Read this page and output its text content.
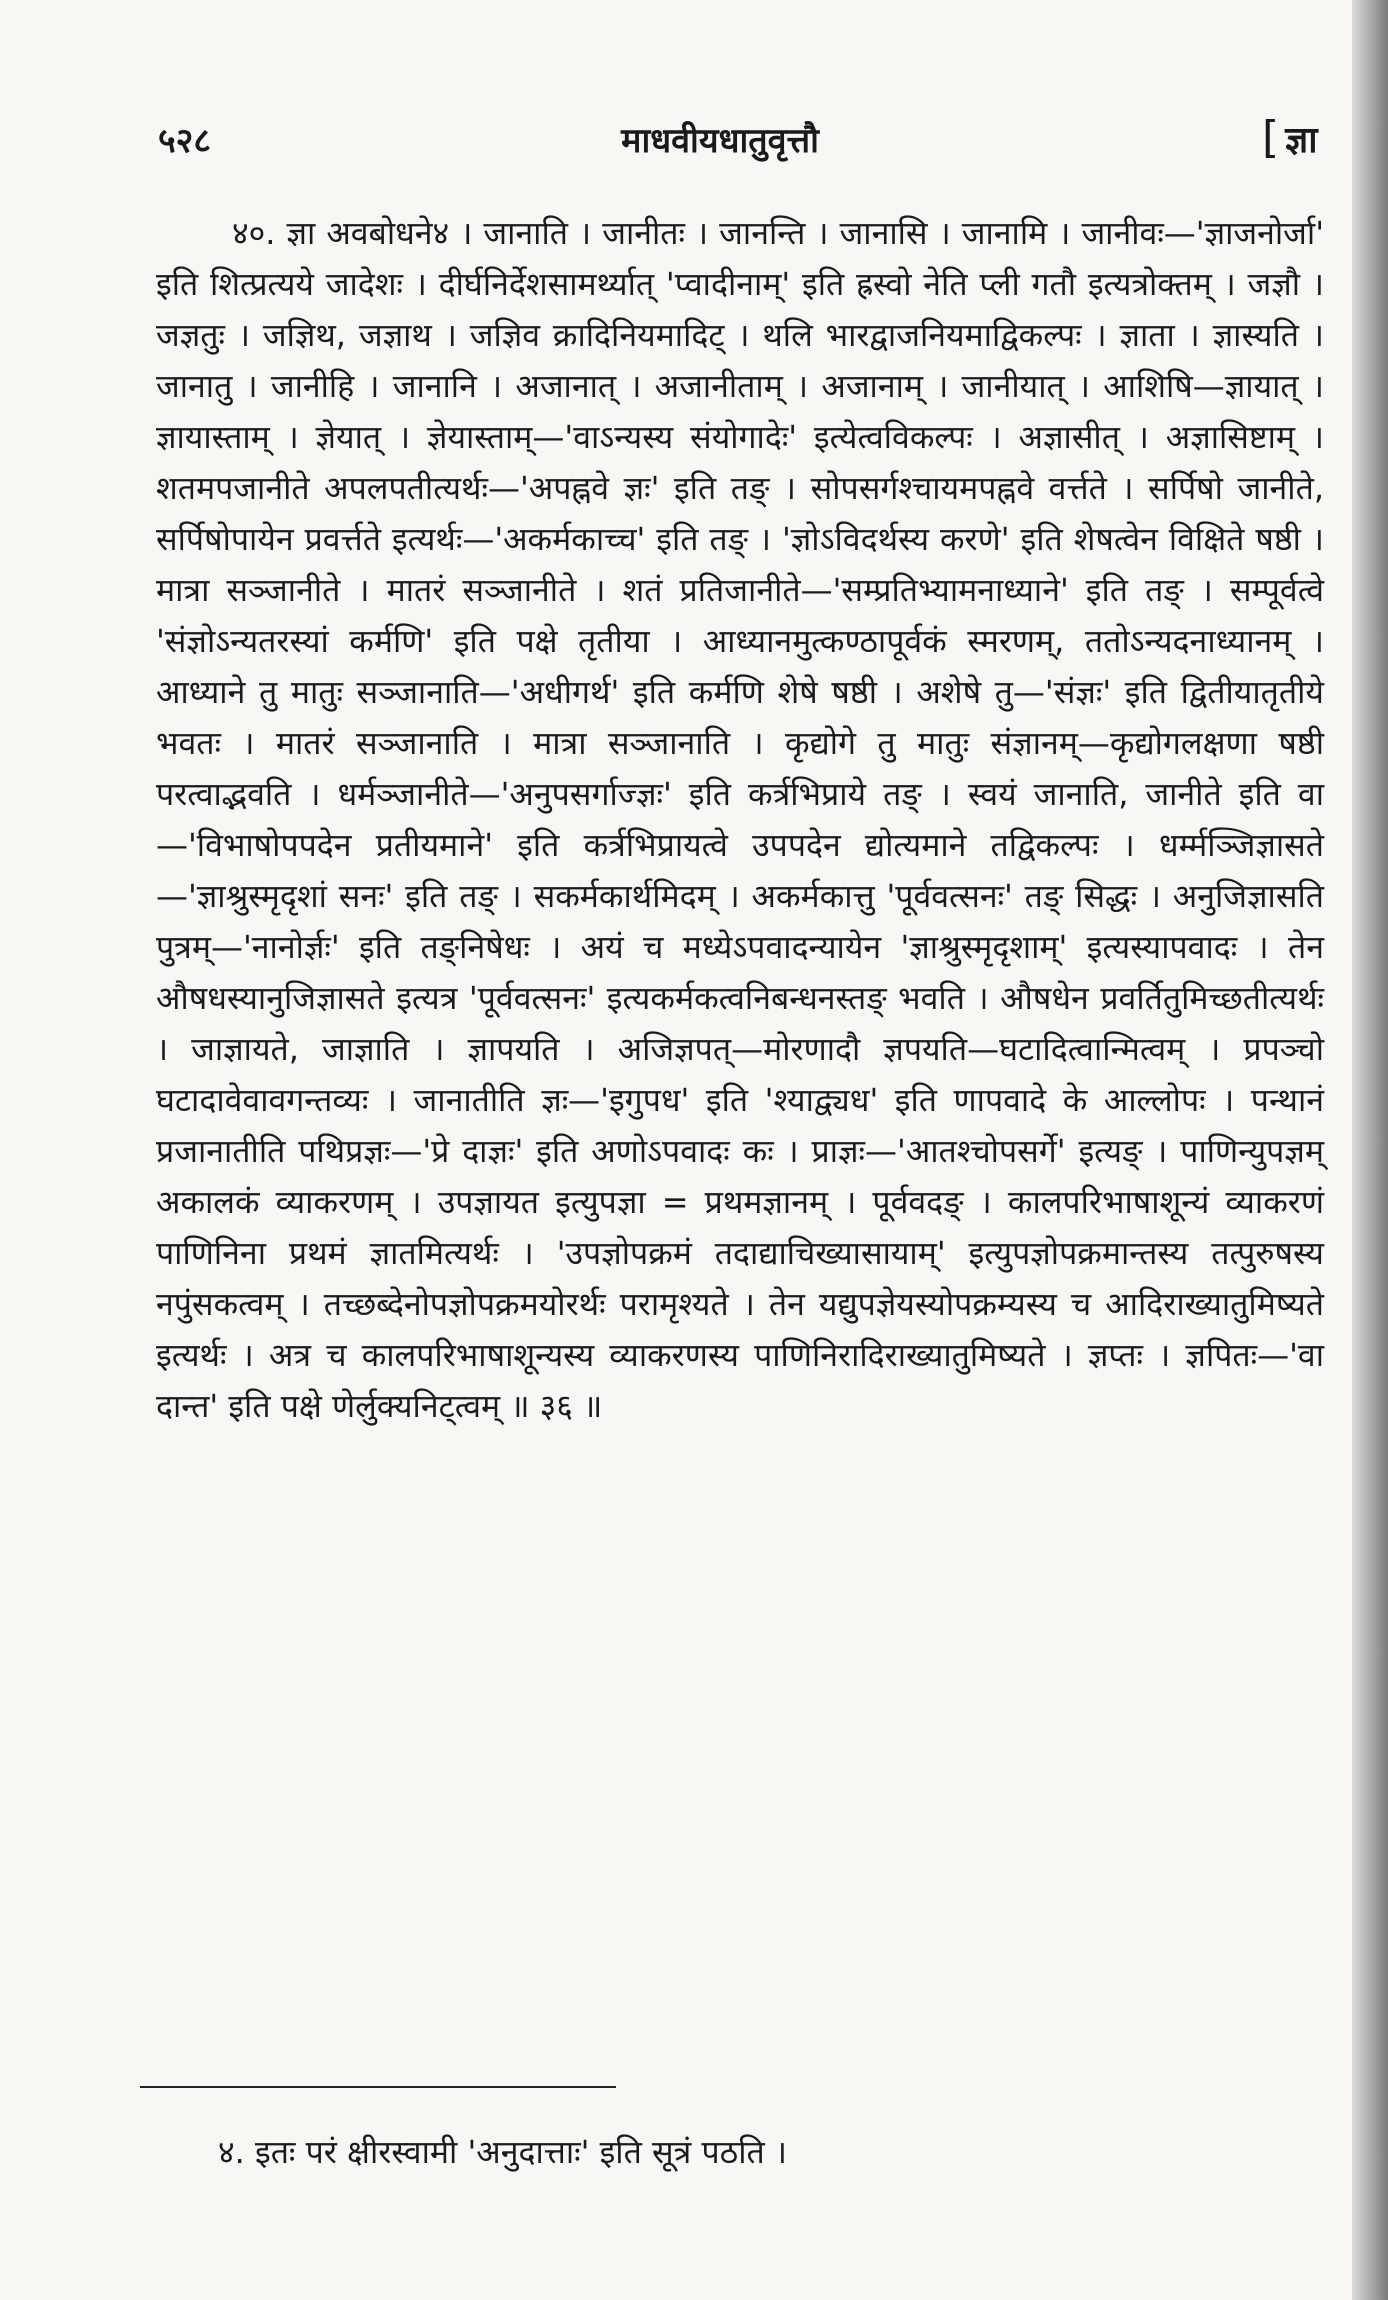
५२८	माधवीयधातुवृत्तौ	[ ज्ञा
४०. ज्ञा अवबोधने४ । जानाति । जानीतः । जानन्ति । जानासि । जानामि । जानीवः—'ज्ञाजनोर्जा' इति शित्प्रत्यये जादेशः । दीर्घनिर्देशसामर्थ्यात् 'प्वादीनाम्' इति ह्रस्वो नेति प्ली गतौ इत्यत्रोक्तम् । जज्ञौ । जज्ञतुः । जज्ञिथ, जज्ञाथ । जज्ञिव क्रादिनियमादिट् । थलि भारद्वाजनियमाद्विकल्पः । ज्ञाता । ज्ञास्यति । जानातु । जानीहि । जानानि । अजानात् । अजानीताम् । अजानाम् । जानीयात् । आशिषि—ज्ञायात् । ज्ञायास्ताम् । ज्ञेयात् । ज्ञेयास्ताम्—'वाऽन्यस्य संयोगादेः' इत्येत्वविकल्पः । अज्ञासीत् । अज्ञासिष्टाम् । शतमपजानीते अपलपतीत्यर्थः—'अपह्नवे ज्ञः' इति तङ् । सोपसर्गश्चायमपह्नवे वर्त्तते । सर्पिषो जानीते, सर्पिषोपायेन प्रवर्त्तते इत्यर्थः—'अकर्मकाच्च' इति तङ् । 'ज्ञोऽविदर्थस्य करणे' इति शेषत्वेन विक्षिते षष्ठी । मात्रा सञ्जानीते । मातरं सञ्जानीते । शतं प्रतिजानीते—'सम्प्रतिभ्यामनाध्याने' इति तङ् । सम्पूर्वत्वे 'संज्ञोऽन्यतरस्यां कर्मणि' इति पक्षे तृतीया । आध्यानमुत्कण्ठापूर्वकं स्मरणम्, ततोऽन्यदनाध्यानम् । आध्याने तु मातुः सञ्जानाति—'अधीगर्थ' इति कर्मणि शेषे षष्ठी । अशेषे तु—'संज्ञः' इति द्वितीयातृतीये भवतः । मातरं सञ्जानाति । मात्रा सञ्जानाति । कृद्योगे तु मातुः संज्ञानम्—कृद्योगलक्षणा षष्ठी परत्वाद्भवति । धर्मञ्जानीते—'अनुपसर्गाज्ज्ञः' इति कर्त्रभिप्राये तङ् । स्वयं जानाति, जानीते इति वा—'विभाषोपपदेन प्रतीयमाने' इति कर्त्रभिप्रायत्वे उपपदेन द्योत्यमाने तद्विकल्पः । धर्म्मञ्जिज्ञासते—'ज्ञाश्रुस्मृदृशां सनः' इति तङ् । सकर्मकार्थमिदम् । अकर्मकात्तु 'पूर्ववत्सनः' तङ् सिद्धः । अनुजिज्ञासति पुत्रम्—'नानोर्ज्ञः' इति तङ्निषेधः । अयं च मध्येऽपवादन्यायेन 'ज्ञाश्रुस्मृदृशाम्' इत्यस्यापवादः । तेन औषधस्यानुजिज्ञासते इत्यत्र 'पूर्ववत्सनः' इत्यकर्मकत्वनिबन्धनस्तङ् भवति । औषधेन प्रवर्तितुमिच्छतीत्यर्थः । जाज्ञायते, जाज्ञाति । ज्ञापयति । अजिज्ञपत्—मोरणादौ ज्ञपयति—घटादित्वान्मित्वम् । प्रपञ्चो घटादावेवावगन्तव्यः । जानातीति ज्ञः—'इगुपध' इति 'श्याद्व्यध' इति णापवादे के आल्लोपः । पन्थानं प्रजानातीति पथिप्रज्ञः—'प्रे दाज्ञः' इति अणोऽपवादः कः । प्राज्ञः—'आतश्चोपसर्गे' इत्यङ् । पाणिन्युपज्ञम् अकालकं व्याकरणम् । उपज्ञायत इत्युपज्ञा = प्रथमज्ञानम् । पूर्ववदङ् । कालपरिभाषाशून्यं व्याकरणं पाणिनिना प्रथमं ज्ञातमित्यर्थः । 'उपज्ञोपक्रमं तदाद्याचिख्यासायाम्' इत्युपज्ञोपक्रमान्तस्य तत्पुरुषस्य नपुंसकत्वम् । तच्छब्देनोपज्ञोपक्रमयोरर्थः परामृश्यते । तेन यद्युपज्ञेयस्योपक्रम्यस्य च आदिराख्यातुमिष्यते इत्यर्थः । अत्र च कालपरिभाषाशून्यस्य व्याकरणस्य पाणिनिरादिराख्यातुमिष्यते । ज्ञप्तः । ज्ञपितः—'वा दान्त' इति पक्षे णेर्लुक्यनिट्त्वम् ॥ ३६ ॥
४. इतः परं क्षीरस्वामी 'अनुदात्ताः' इति सूत्रं पठति ।
